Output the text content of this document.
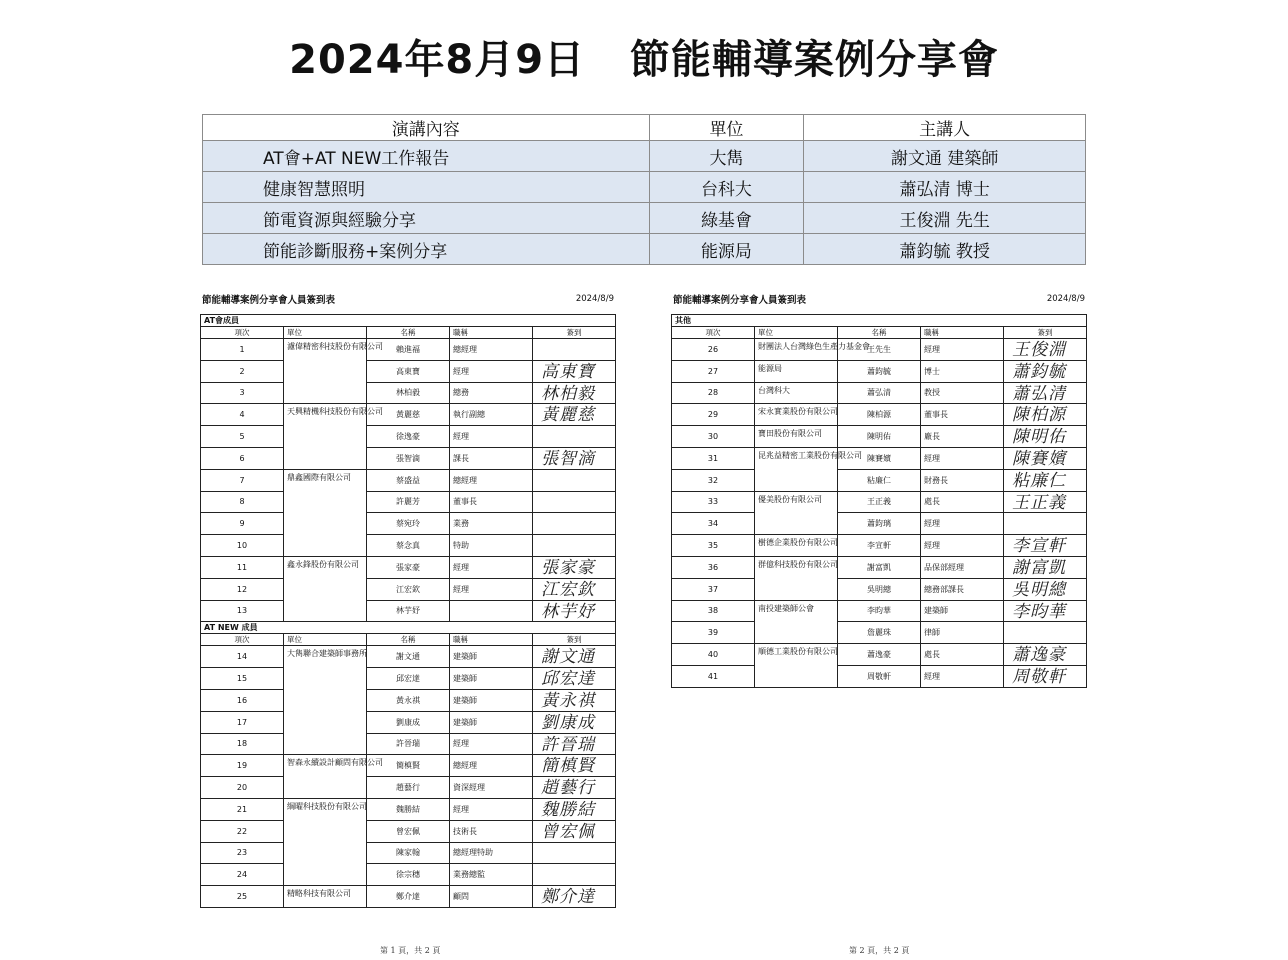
2024年8月9日   節能輔導案例分享會
演講內容	單位	主講人
AT會+AT NEW工作報告	大雋	謝文通 建築師
健康智慧照明	台科大	蕭弘清 博士
節電資源與經驗分享	綠基會	王俊淵 先生
節能診斷服務+案例分享	能源局	蕭鈞毓 教授
節能輔導案例分享會人員簽到表	2024/8/9
AT會成員				
項次	單位	名稱	職稱	簽到
1	濾偉精密科技股份有限公司	賴進福	總經理	

2		高東寶	經理	高東寶

3		林柏毅	總務	林柏毅

4	天興精機科技股份有限公司	黃麗慈	執行副總	黃麗慈

5		徐逸豪	經理	

6		張智滴	課長	張智滴

7	鼎鑫國際有限公司	蔡盛益	總經理	

8		許麗芳	董事長	

9		蔡宛玲	業務	

10		蔡念真	特助	

11	鑫永鋒股份有限公司	張家豪	經理	張家豪

12		江宏欽	經理	江宏欽

13		林芋妤		林芋妤

AT NEW 成員				
項次	單位	名稱	職稱	簽到
14	大雋聯合建築師事務所	謝文通	建築師	謝文通

15		邱宏達	建築師	邱宏達

16		黃永祺	建築師	黃永祺

17		劉康成	建築師	劉康成

18		許晉瑞	經理	許晉瑞

19	智森永續設計顧問有限公司	簡槙賢	總經理	簡槙賢

20		趙藝行	資深經理	趙藝行

21	綱曜科技股份有限公司	魏勝結	經理	魏勝結

22		曾宏佩	技術長	曾宏佩

23		陳家翰	總經理特助	

24		徐宗穗	業務總監	

25	精略科技有限公司	鄭介達	顧問	鄭介達
節能輔導案例分享會人員簽到表	2024/8/9
其他				
項次	單位	名稱	職稱	簽到
26	財團法人台灣綠色生產力基金會	王先生	經理	王俊淵

27	能源局	蕭鈞毓	博士	蕭鈞毓

28	台灣科大	蕭弘清	教授	蕭弘清

29	宋永實業股份有限公司	陳柏源	董事長	陳柏源

30	寶田股份有限公司	陳明佑	廠長	陳明佑

31	昆兆益精密工業股份有限公司	陳賽嬪	經理	陳賽嬪

32		粘廉仁	財務長	粘廉仁

33	優美股份有限公司	王正義	處長	王正義

34		蕭鈞璃	經理	

35	樹德企業股份有限公司	李宣軒	經理	李宣軒

36	群億科技股份有限公司	謝富凱	品保部經理	謝富凱

37		吳明總	總務部課長	吳明總

38	南投建築師公會	李昀華	建築師	李昀華

39		詹麗珠	律師	

40	順德工業股份有限公司	蕭逸豪	處長	蕭逸豪

41		周敬軒	經理	周敬軒
第 1 頁，共 2 頁	第 2 頁，共 2 頁
